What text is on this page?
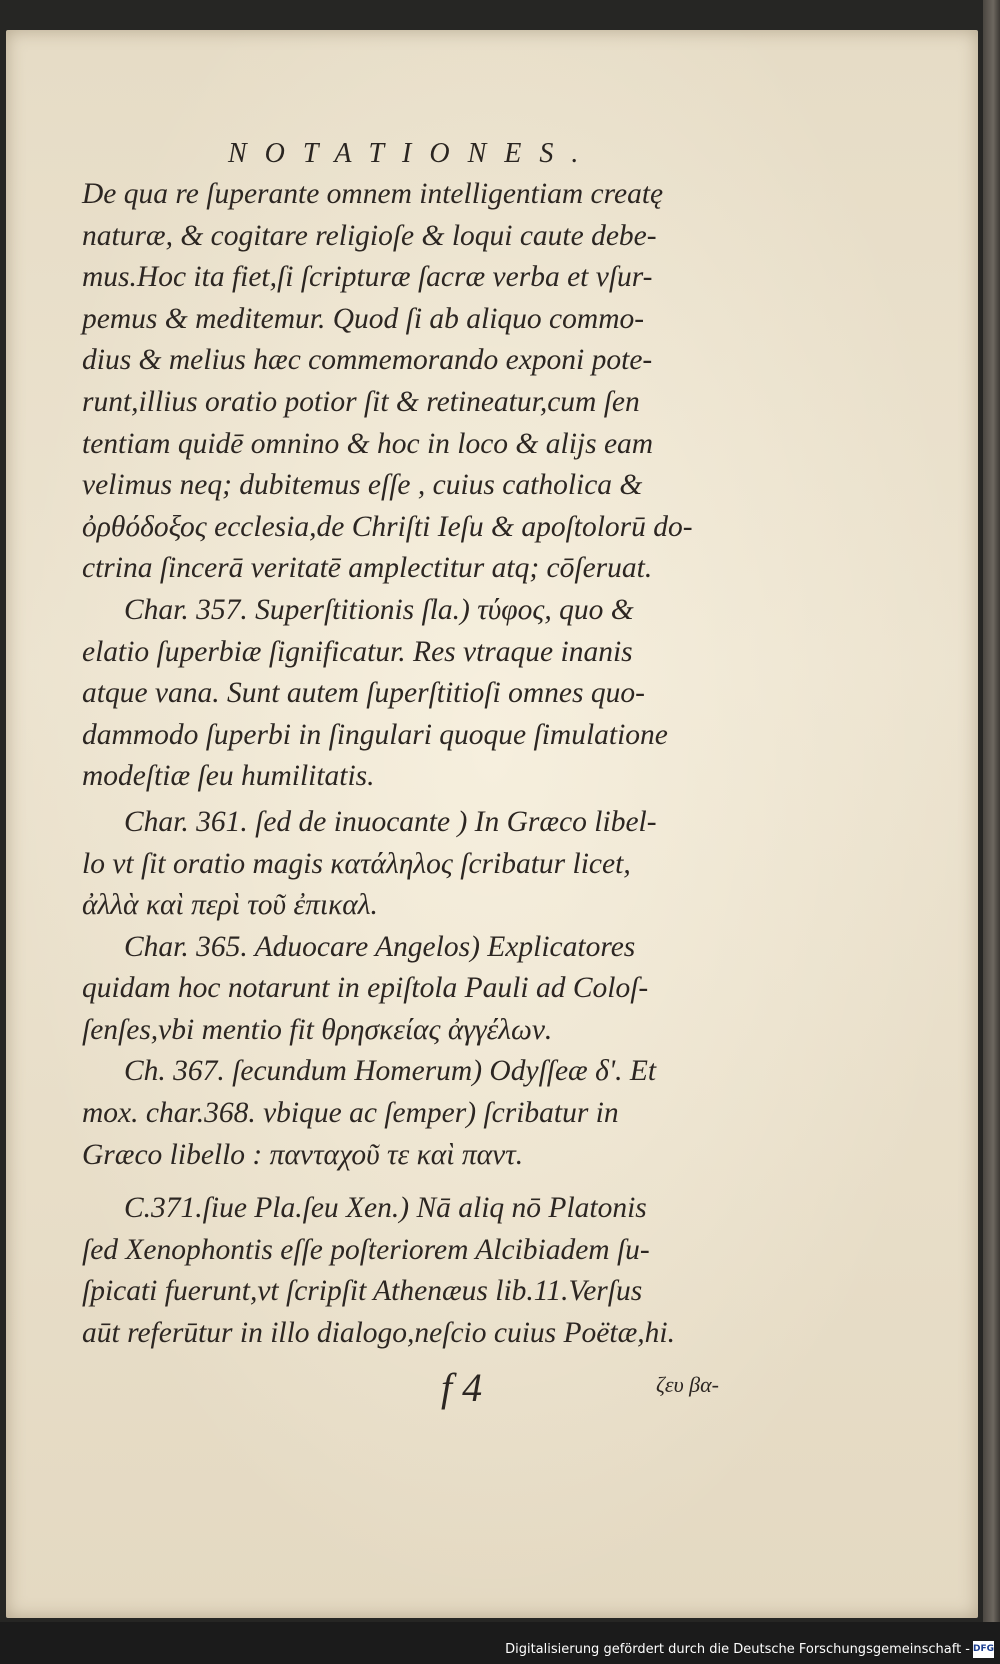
NOTATIONES.
De qua re ſuperante omnem intelligentiam creatę
naturæ, & cogitare religioſe & loqui caute debe-
mus.Hoc ita fiet,ſi ſcripturæ ſacræ verba et vſur-
pemus & meditemur. Quod ſi ab aliquo commo-
dius & melius hæc commemorando exponi pote-
runt,illius oratio potior ſit & retineatur,cum ſen
tentiam quidē omnino & hoc in loco & alijs eam
velimus neq; dubitemus eſſe , cuius catholica &
ὀρθόδοξος ecclesia,de Chriſti Ieſu & apoſtolorū do-
ctrina ſincerā veritatē amplectitur atq; cōſeruat.
Char. 357. Superſtitionis ſla.) τύφος, quo &
elatio ſuperbiæ ſignificatur. Res vtraque inanis
atque vana. Sunt autem ſuperſtitioſi omnes quo-
dammodo ſuperbi in ſingulari quoque ſimulatione
modeſtiæ ſeu humilitatis.
Char. 361. ſed de inuocante ) In Græco libel-
lo vt ſit oratio magis κατάληλος ſcribatur licet,
ἀλλὰ καὶ περὶ τοῦ ἐπικαλ.
Char. 365. Aduocare Angelos) Explicatores
quidam hoc notarunt in epiſtola Pauli ad Coloſ-
ſenſes,vbi mentio fit θρησκείας ἀγγέλων.
Ch. 367. ſecundum Homerum) Odyſſeæ δ'. Et
mox. char.368. vbique ac ſemper) ſcribatur in
Græco libello : πανταχοῦ τε καὶ παντ.
C.371.ſiue Pla.ſeu Xen.) Nā aliq nō Platonis
ſed Xenophontis eſſe poſteriorem Alcibiadem ſu-
ſpicati fuerunt,vt ſcripſit Athenæus lib.11.Verſus
aūt referūtur in illo dialogo,neſcio cuius Poëtæ,hi.
f 4	ζευ βα-
Digitalisierung gefördert durch die Deutsche Forschungsgemeinschaft - DFG
